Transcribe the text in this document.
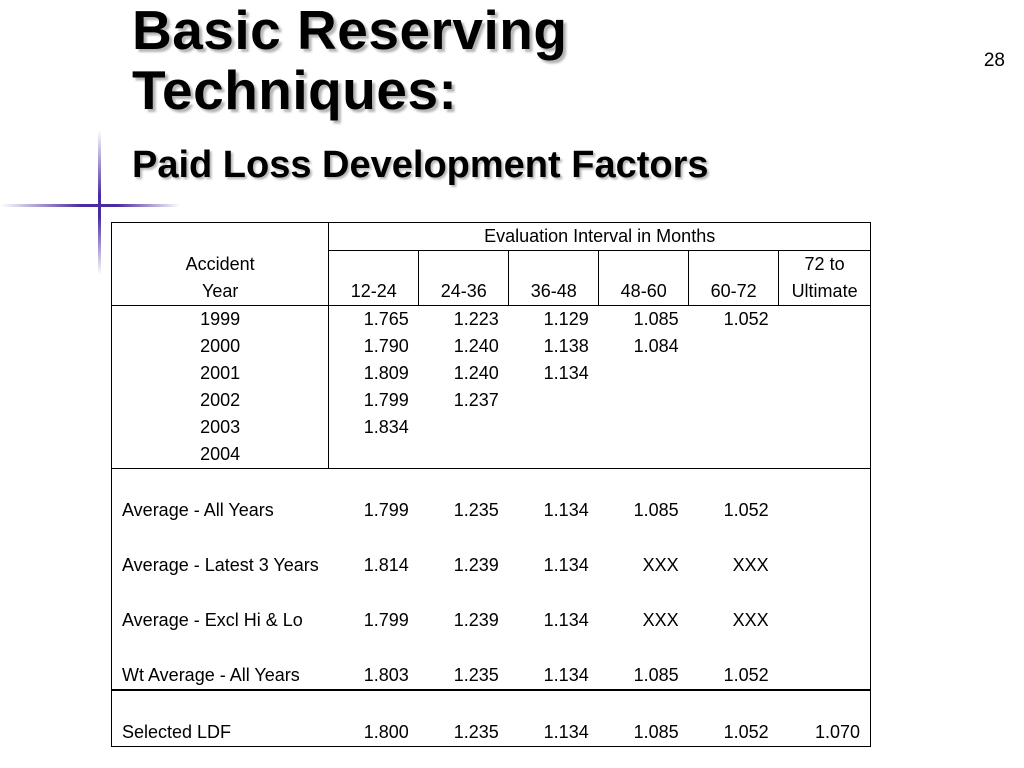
Basic Reserving
Techniques:
Paid Loss Development Factors
28
	Evaluation Interval in Months					
Accident						72 to
Year	12-24	24-36	36-48	48-60	60-72	Ultimate
1999	1.765	1.223	1.129	1.085	1.052	
2000	1.790	1.240	1.138	1.084		
2001	1.809	1.240	1.134			
2002	1.799	1.237				
2003	1.834					
2004						

Average - All Years	1.799	1.235	1.134	1.085	1.052	

Average - Latest 3 Years	1.814	1.239	1.134	XXX	XXX	

Average - Excl Hi & Lo	1.799	1.239	1.134	XXX	XXX	

Wt Average - All Years	1.803	1.235	1.134	1.085	1.052	

Selected LDF	1.800	1.235	1.134	1.085	1.052	1.070
